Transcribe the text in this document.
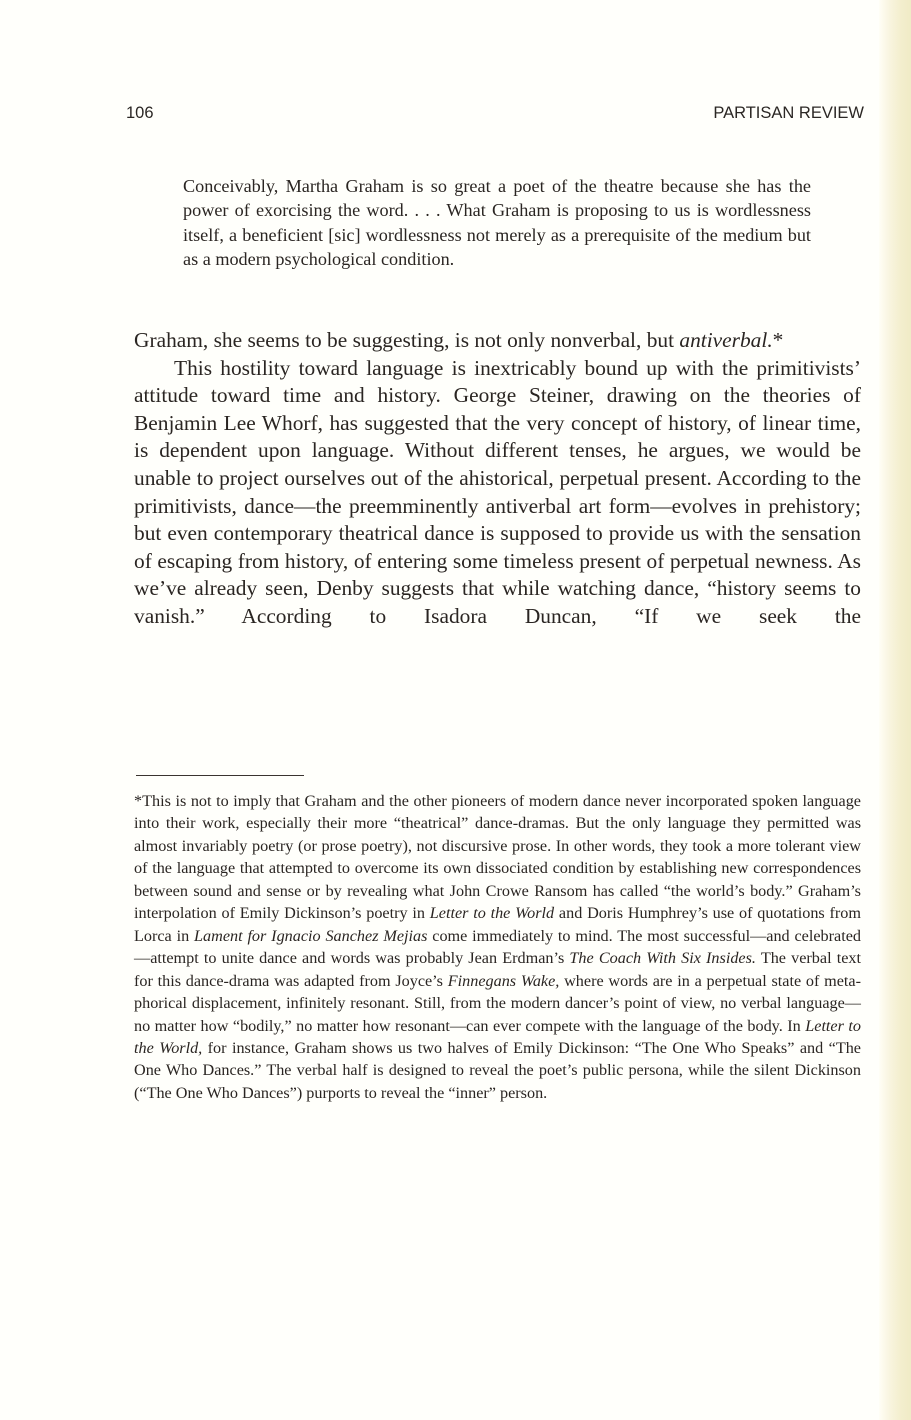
106	PARTISAN REVIEW
Conceivably, Martha Graham is so great a poet of the theatre because she has the power of exorcising the word. . . . What Graham is proposing to us is wordlessness itself, a beneficient [sic] wordlessness not merely as a prerequisite of the medium but as a modern psychological condition.

Graham, she seems to be suggesting, is not only nonverbal, but antiverbal.*

This hostility toward language is inextricably bound up with the primitivists’ attitude toward time and history. George Steiner, drawing on the theories of Benjamin Lee Whorf, has suggested that the very concept of history, of linear time, is dependent upon language. Without different tenses, he argues, we would be unable to project ourselves out of the ahistorical, perpetual present. According to the primitivists, dance—the preemminently antiverbal art form—evolves in prehistory; but even contemporary theatrical dance is supposed to provide us with the sensation of escaping from history, of entering some timeless present of perpetual newness. As we’ve already seen, Denby suggests that while watching dance, “history seems to vanish.” According to Isadora Duncan, “If we seek the

*This is not to imply that Graham and the other pioneers of modern dance never incorporated spoken language into their work, especially their more “theatrical” dance-dramas. But the only language they permitted was almost invariably poetry (or prose poetry), not discursive prose. In other words, they took a more tolerant view of the language that attempted to overcome its own dissociated condition by establishing new correspondences between sound and sense or by revealing what John Crowe Ransom has called “the world’s body.” Graham’s interpolation of Emily Dickinson’s poetry in Letter to the World and Doris Humphrey’s use of quotations from Lorca in Lament for Ignacio Sanchez Mejias come immediately to mind. The most successful—and celebrated—attempt to unite dance and words was probably Jean Erdman’s The Coach With Six Insides. The verbal text for this dance-drama was adapted from Joyce’s Finnegans Wake, where words are in a perpetual state of metaphorical displacement, infinitely resonant. Still, from the modern dancer’s point of view, no verbal language—no matter how “bodily,” no matter how resonant—can ever compete with the language of the body. In Letter to the World, for instance, Graham shows us two halves of Emily Dickinson: “The One Who Speaks” and “The One Who Dances.” The verbal half is designed to reveal the poet’s public persona, while the silent Dickinson (“The One Who Dances”) purports to reveal the “inner” person.
